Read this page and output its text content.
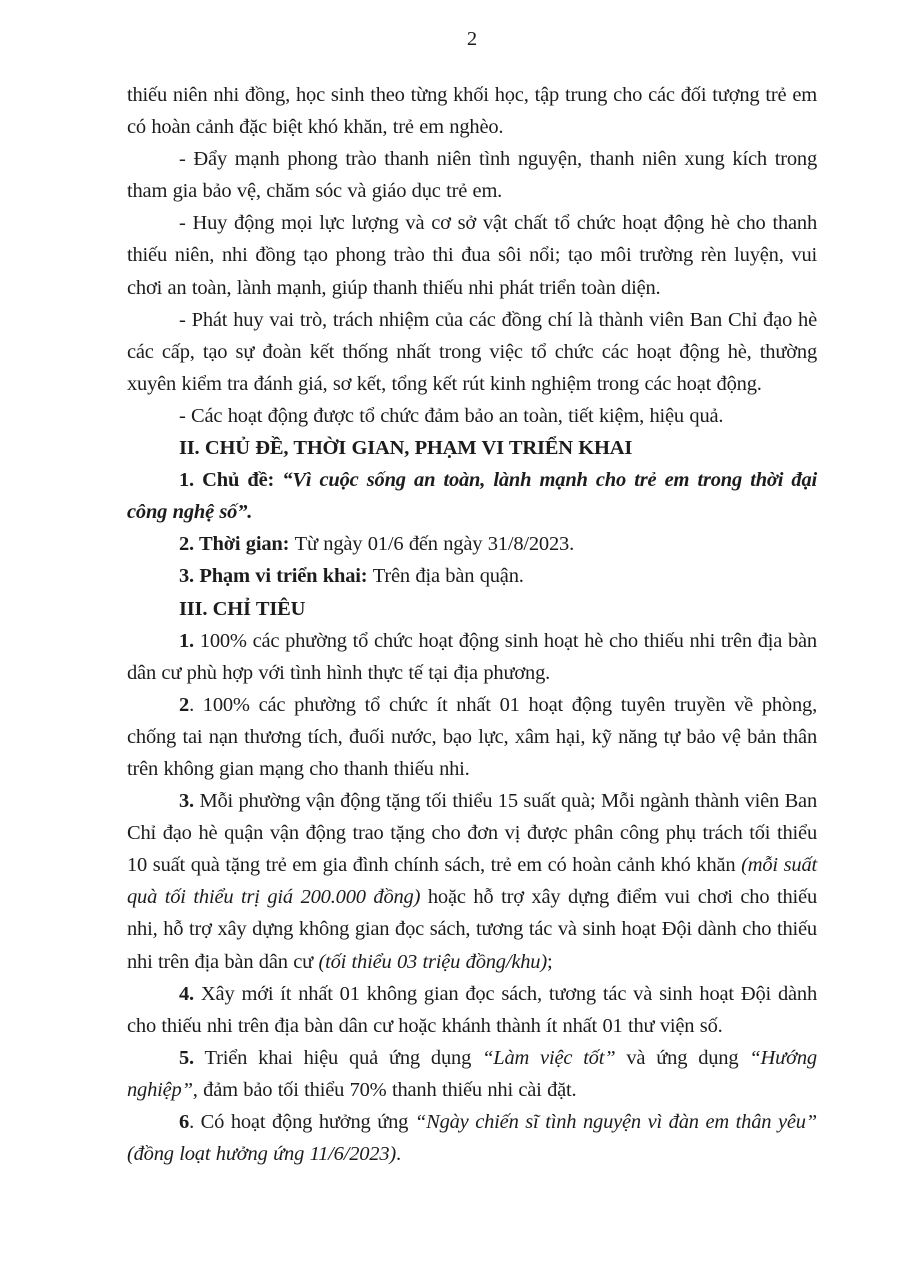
2

thiếu niên nhi đồng, học sinh theo từng khối học, tập trung cho các đối tượng trẻ em có hoàn cảnh đặc biệt khó khăn, trẻ em nghèo.

- Đẩy mạnh phong trào thanh niên tình nguyện, thanh niên xung kích trong tham gia bảo vệ, chăm sóc và giáo dục trẻ em.

- Huy động mọi lực lượng và cơ sở vật chất tổ chức hoạt động hè cho thanh thiếu niên, nhi đồng tạo phong trào thi đua sôi nổi; tạo môi trường rèn luyện, vui chơi an toàn, lành mạnh, giúp thanh thiếu nhi phát triển toàn diện.

- Phát huy vai trò, trách nhiệm của các đồng chí là thành viên Ban Chỉ đạo hè các cấp, tạo sự đoàn kết thống nhất trong việc tổ chức các hoạt động hè, thường xuyên kiểm tra đánh giá, sơ kết, tổng kết rút kinh nghiệm trong các hoạt động.

- Các hoạt động được tổ chức đảm bảo an toàn, tiết kiệm, hiệu quả.

II. CHỦ ĐỀ, THỜI GIAN, PHẠM VI TRIỂN KHAI

1. Chủ đề: “Vì cuộc sống an toàn, lành mạnh cho trẻ em trong thời đại công nghệ số”.

2. Thời gian: Từ ngày 01/6 đến ngày 31/8/2023.

3. Phạm vi triển khai: Trên địa bàn quận.

III. CHỈ TIÊU

1. 100% các phường tổ chức hoạt động sinh hoạt hè cho thiếu nhi trên địa bàn dân cư phù hợp với tình hình thực tế tại địa phương.

2. 100% các phường tổ chức ít nhất 01 hoạt động tuyên truyền về phòng, chống tai nạn thương tích, đuối nước, bạo lực, xâm hại, kỹ năng tự bảo vệ bản thân trên không gian mạng cho thanh thiếu nhi.

3. Mỗi phường vận động tặng tối thiểu 15 suất quà; Mỗi ngành thành viên Ban Chỉ đạo hè quận vận động trao tặng cho đơn vị được phân công phụ trách tối thiểu 10 suất quà tặng trẻ em gia đình chính sách, trẻ em có hoàn cảnh khó khăn (mỗi suất quà tối thiểu trị giá 200.000 đồng) hoặc hỗ trợ xây dựng điểm vui chơi cho thiếu nhi, hỗ trợ xây dựng không gian đọc sách, tương tác và sinh hoạt Đội dành cho thiếu nhi trên địa bàn dân cư (tối thiểu 03 triệu đồng/khu);

4. Xây mới ít nhất 01 không gian đọc sách, tương tác và sinh hoạt Đội dành cho thiếu nhi trên địa bàn dân cư hoặc khánh thành ít nhất 01 thư viện số.

5. Triển khai hiệu quả ứng dụng “Làm việc tốt” và ứng dụng “Hướng nghiệp”, đảm bảo tối thiểu 70% thanh thiếu nhi cài đặt.

6. Có hoạt động hưởng ứng “Ngày chiến sĩ tình nguyện vì đàn em thân yêu” (đồng loạt hưởng ứng 11/6/2023).
